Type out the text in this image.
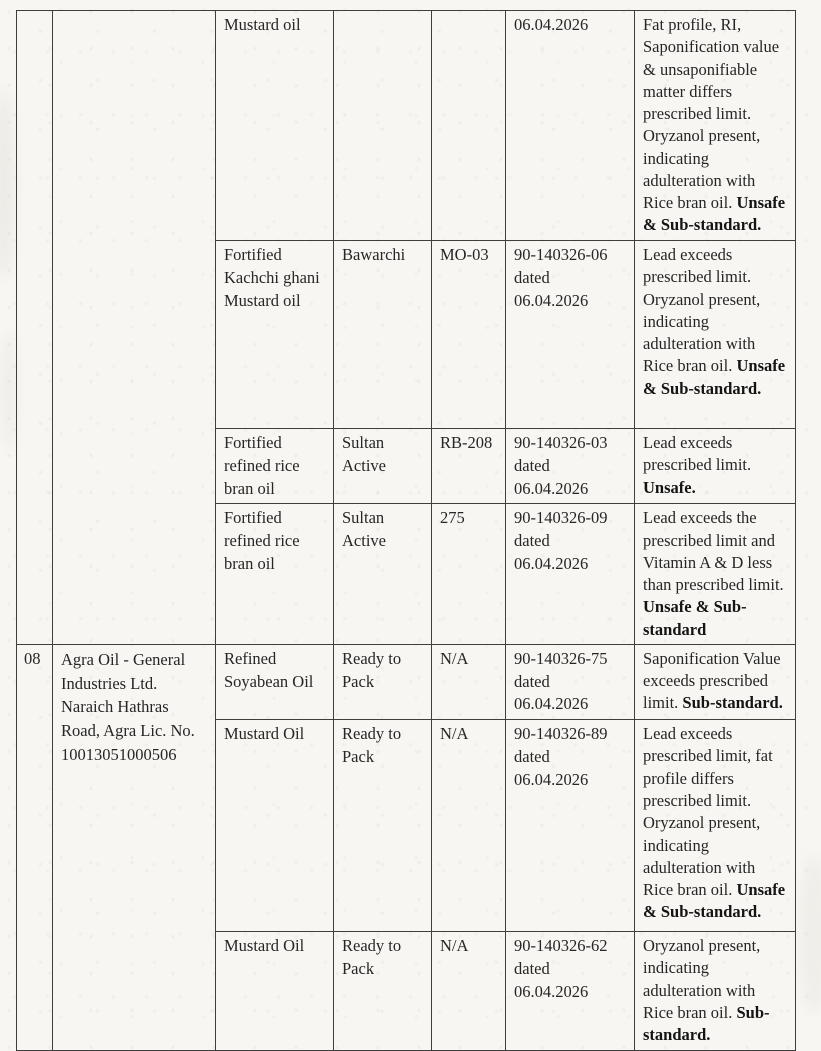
		Mustard oil			06.04.2026	Fat profile, RI, Saponification value & unsaponifiable matter differs prescribed limit. Oryzanol present, indicating adulteration with Rice bran oil. Unsafe & Sub-standard.
		Fortified Kachchi ghani Mustard oil	Bawarchi	MO-03	90-140326-06 dated 06.04.2026	Lead exceeds prescribed limit. Oryzanol present, indicating adulteration with Rice bran oil. Unsafe & Sub-standard.
		Fortified refined rice bran oil	Sultan Active	RB-208	90-140326-03 dated 06.04.2026	Lead exceeds prescribed limit. Unsafe.
		Fortified refined rice bran oil	Sultan Active	275	90-140326-09 dated 06.04.2026	Lead exceeds the prescribed limit and Vitamin A & D less than prescribed limit. Unsafe & Sub-standard
08	Agra Oil - General Industries Ltd. Naraich Hathras Road, Agra Lic. No. 10013051000506	Refined Soyabean Oil	Ready to Pack	N/A	90-140326-75 dated 06.04.2026	Saponification Value exceeds prescribed limit. Sub-standard.
		Mustard Oil	Ready to Pack	N/A	90-140326-89 dated 06.04.2026	Lead exceeds prescribed limit, fat profile differs prescribed limit. Oryzanol present, indicating adulteration with Rice bran oil. Unsafe & Sub-standard.
		Mustard Oil	Ready to Pack	N/A	90-140326-62 dated 06.04.2026	Oryzanol present, indicating adulteration with Rice bran oil. Sub-standard.
